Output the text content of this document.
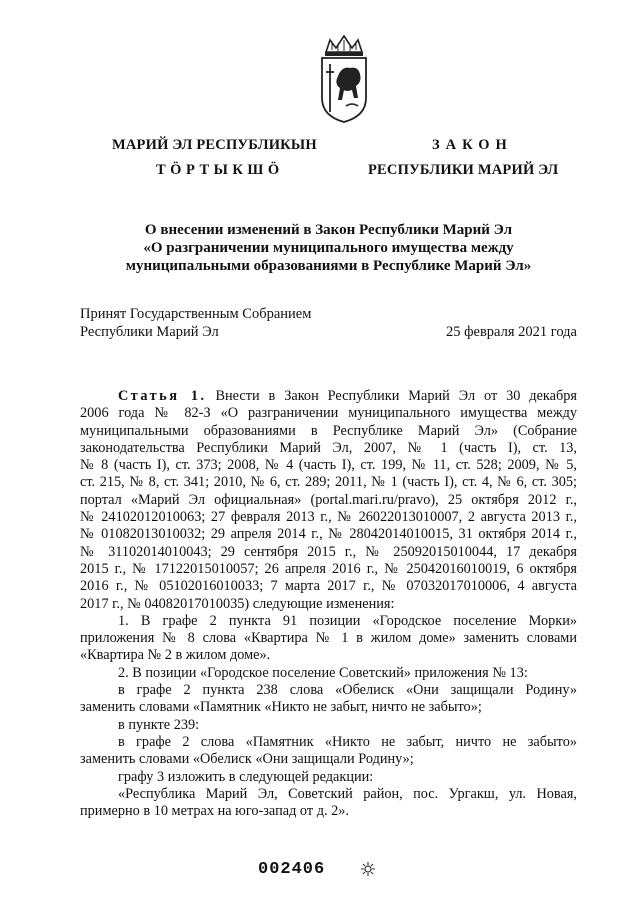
МАРИЙ ЭЛ РЕСПУБЛИКЫН
ТӦРТЫКШӦ
ЗАКОН
РЕСПУБЛИКИ МАРИЙ ЭЛ
О внесении изменений в Закон Республики Марий Эл
«О разграничении муниципального имущества между
муниципальными образованиями в Республике Марий Эл»
Принят Государственным Собранием
Республики Марий Эл	25 февраля 2021 года
Статья 1. Внести в Закон Республики Марий Эл от 30 декабря
2006 года № 82-З «О разграничении муниципального имущества между
муниципальными образованиями в Республике Марий Эл» (Собрание
законодательства Республики Марий Эл, 2007, № 1 (часть I), ст. 13,
№ 8 (часть I), ст. 373; 2008, № 4 (часть I), ст. 199, № 11, ст. 528; 2009, № 5,
ст. 215, № 8, ст. 341; 2010, № 6, ст. 289; 2011, № 1 (часть I), ст. 4, № 6, ст. 305;
портал «Марий Эл официальная» (portal.mari.ru/pravo), 25 октября 2012 г.,
№ 24102012010063; 27 февраля 2013 г., № 26022013010007, 2 августа 2013 г.,
№ 01082013010032; 29 апреля 2014 г., № 28042014010015, 31 октября 2014 г.,
№ 31102014010043; 29 сентября 2015 г., № 25092015010044, 17 декабря
2015 г., № 17122015010057; 26 апреля 2016 г., № 25042016010019, 6 октября
2016 г., № 05102016010033; 7 марта 2017 г., № 07032017010006, 4 августа
2017 г., № 04082017010035) следующие изменения:
1. В графе 2 пункта 91 позиции «Городское поселение Морки»
приложения № 8 слова «Квартира № 1 в жилом доме» заменить словами
«Квартира № 2 в жилом доме».
2. В позиции «Городское поселение Советский» приложения № 13:
в графе 2 пункта 238 слова «Обелиск «Они защищали Родину»
заменить словами «Памятник «Никто не забыт, ничто не забыто»;
в пункте 239:
в графе 2 слова «Памятник «Никто не забыт, ничто не забыто»
заменить словами «Обелиск «Они защищали Родину»;
графу 3 изложить в следующей редакции:
«Республика Марий Эл, Советский район, пос. Ургакш, ул. Новая,
примерно в 10 метрах на юго-запад от д. 2».
002406
